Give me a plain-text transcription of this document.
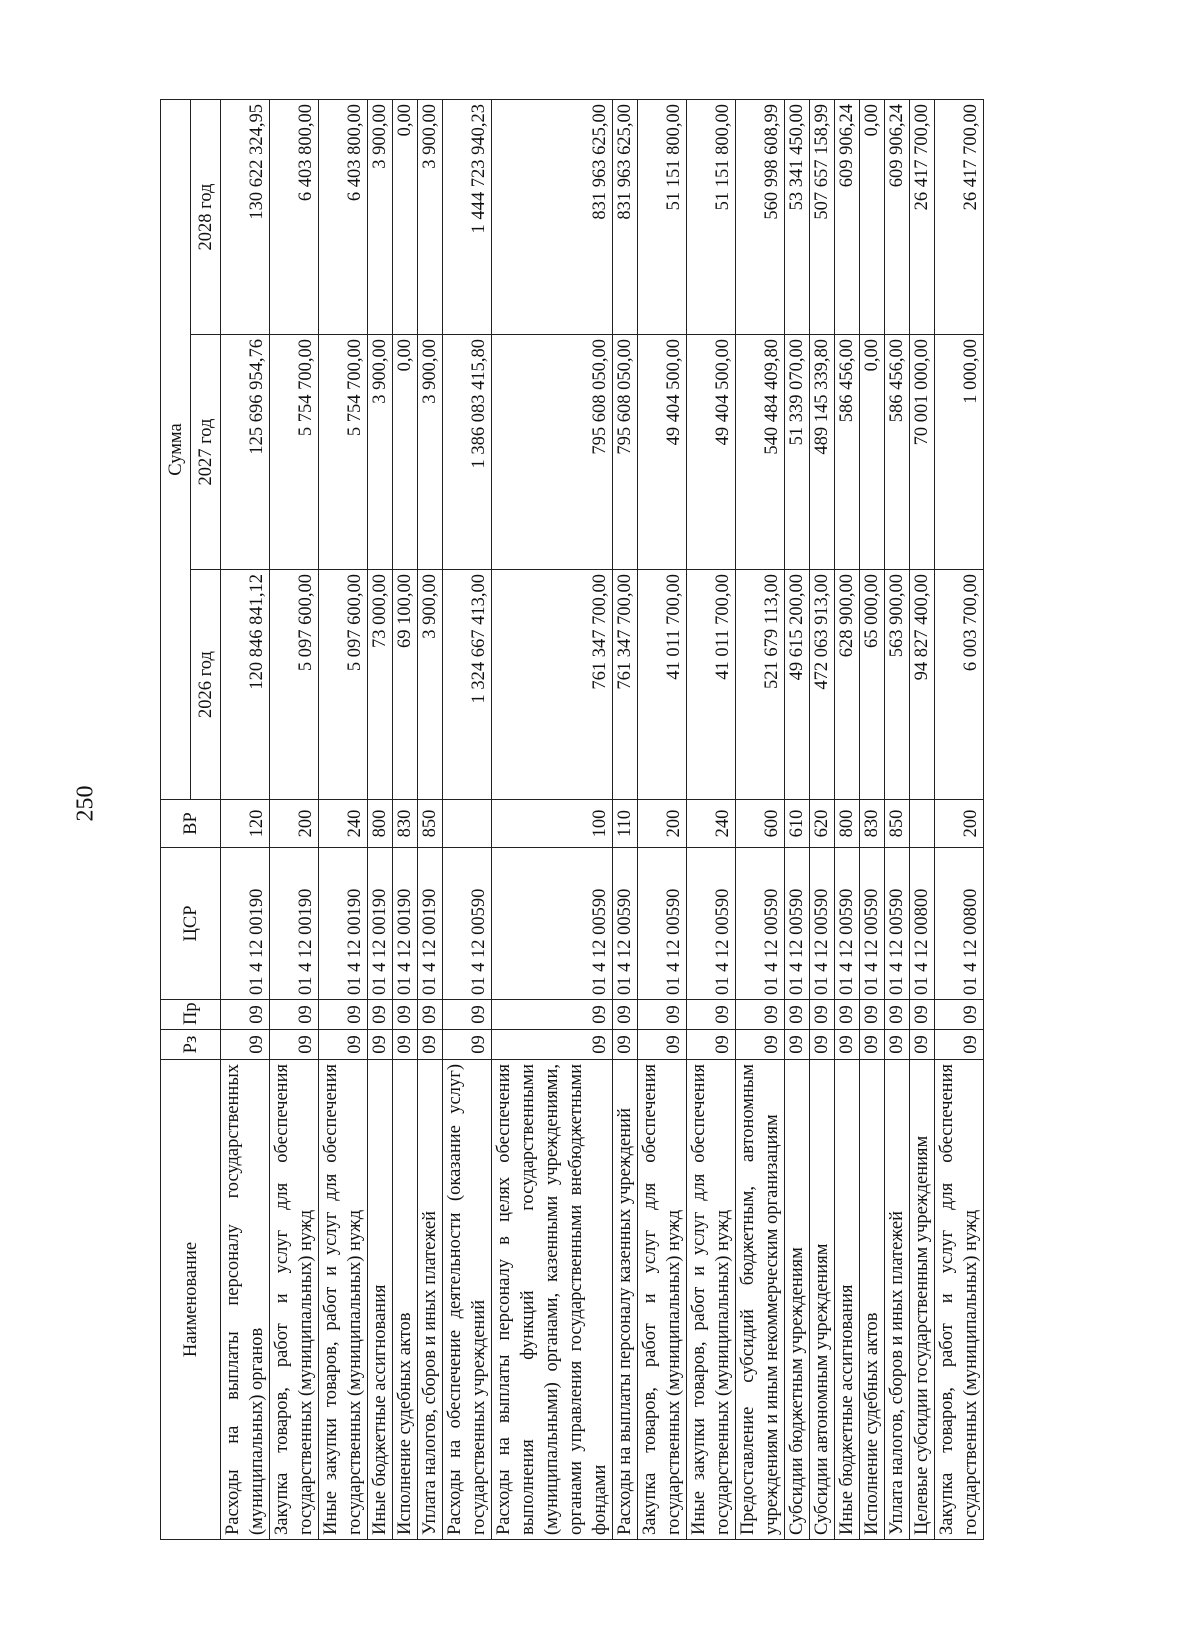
250
Наименование	Рз	Пр	ЦСР	ВР	Сумма		
					2026 год	2027 год	2028 год
Расходы на выплаты персоналу государственных (муниципальных) органов	09	09	01 4 12 00190	120	120 846 841,12	125 696 954,76	130 622 324,95
Закупка товаров, работ и услуг для обеспечения государственных (муниципальных) нужд	09	09	01 4 12 00190	200	5 097 600,00	5 754 700,00	6 403 800,00
Иные закупки товаров, работ и услуг для обеспечения государственных (муниципальных) нужд	09	09	01 4 12 00190	240	5 097 600,00	5 754 700,00	6 403 800,00
Иные бюджетные ассигнования	09	09	01 4 12 00190	800	73 000,00	3 900,00	3 900,00
Исполнение судебных актов	09	09	01 4 12 00190	830	69 100,00	0,00	0,00
Уплата налогов, сборов и иных платежей	09	09	01 4 12 00190	850	3 900,00	3 900,00	3 900,00
Расходы на обеспечение деятельности (оказание услуг) государственных учреждений	09	09	01 4 12 00590		1 324 667 413,00	1 386 083 415,80	1 444 723 940,23
Расходы на выплаты персоналу в целях обеспечения выполнения функций государственными (муниципальными) органами, казенными учреждениями, органами управления государственными внебюджетными фондами	09	09	01 4 12 00590	100	761 347 700,00	795 608 050,00	831 963 625,00
Расходы на выплаты персоналу казенных учреждений	09	09	01 4 12 00590	110	761 347 700,00	795 608 050,00	831 963 625,00
Закупка товаров, работ и услуг для обеспечения государственных (муниципальных) нужд	09	09	01 4 12 00590	200	41 011 700,00	49 404 500,00	51 151 800,00
Иные закупки товаров, работ и услуг для обеспечения государственных (муниципальных) нужд	09	09	01 4 12 00590	240	41 011 700,00	49 404 500,00	51 151 800,00
Предоставление субсидий бюджетным, автономным учреждениям и иным некоммерческим организациям	09	09	01 4 12 00590	600	521 679 113,00	540 484 409,80	560 998 608,99
Субсидии бюджетным учреждениям	09	09	01 4 12 00590	610	49 615 200,00	51 339 070,00	53 341 450,00
Субсидии автономным учреждениям	09	09	01 4 12 00590	620	472 063 913,00	489 145 339,80	507 657 158,99
Иные бюджетные ассигнования	09	09	01 4 12 00590	800	628 900,00	586 456,00	609 906,24
Исполнение судебных актов	09	09	01 4 12 00590	830	65 000,00	0,00	0,00
Уплата налогов, сборов и иных платежей	09	09	01 4 12 00590	850	563 900,00	586 456,00	609 906,24
Целевые субсидии государственным учреждениям	09	09	01 4 12 00800		94 827 400,00	70 001 000,00	26 417 700,00
Закупка товаров, работ и услуг для обеспечения государственных (муниципальных) нужд	09	09	01 4 12 00800	200	6 003 700,00	1 000,00	26 417 700,00
